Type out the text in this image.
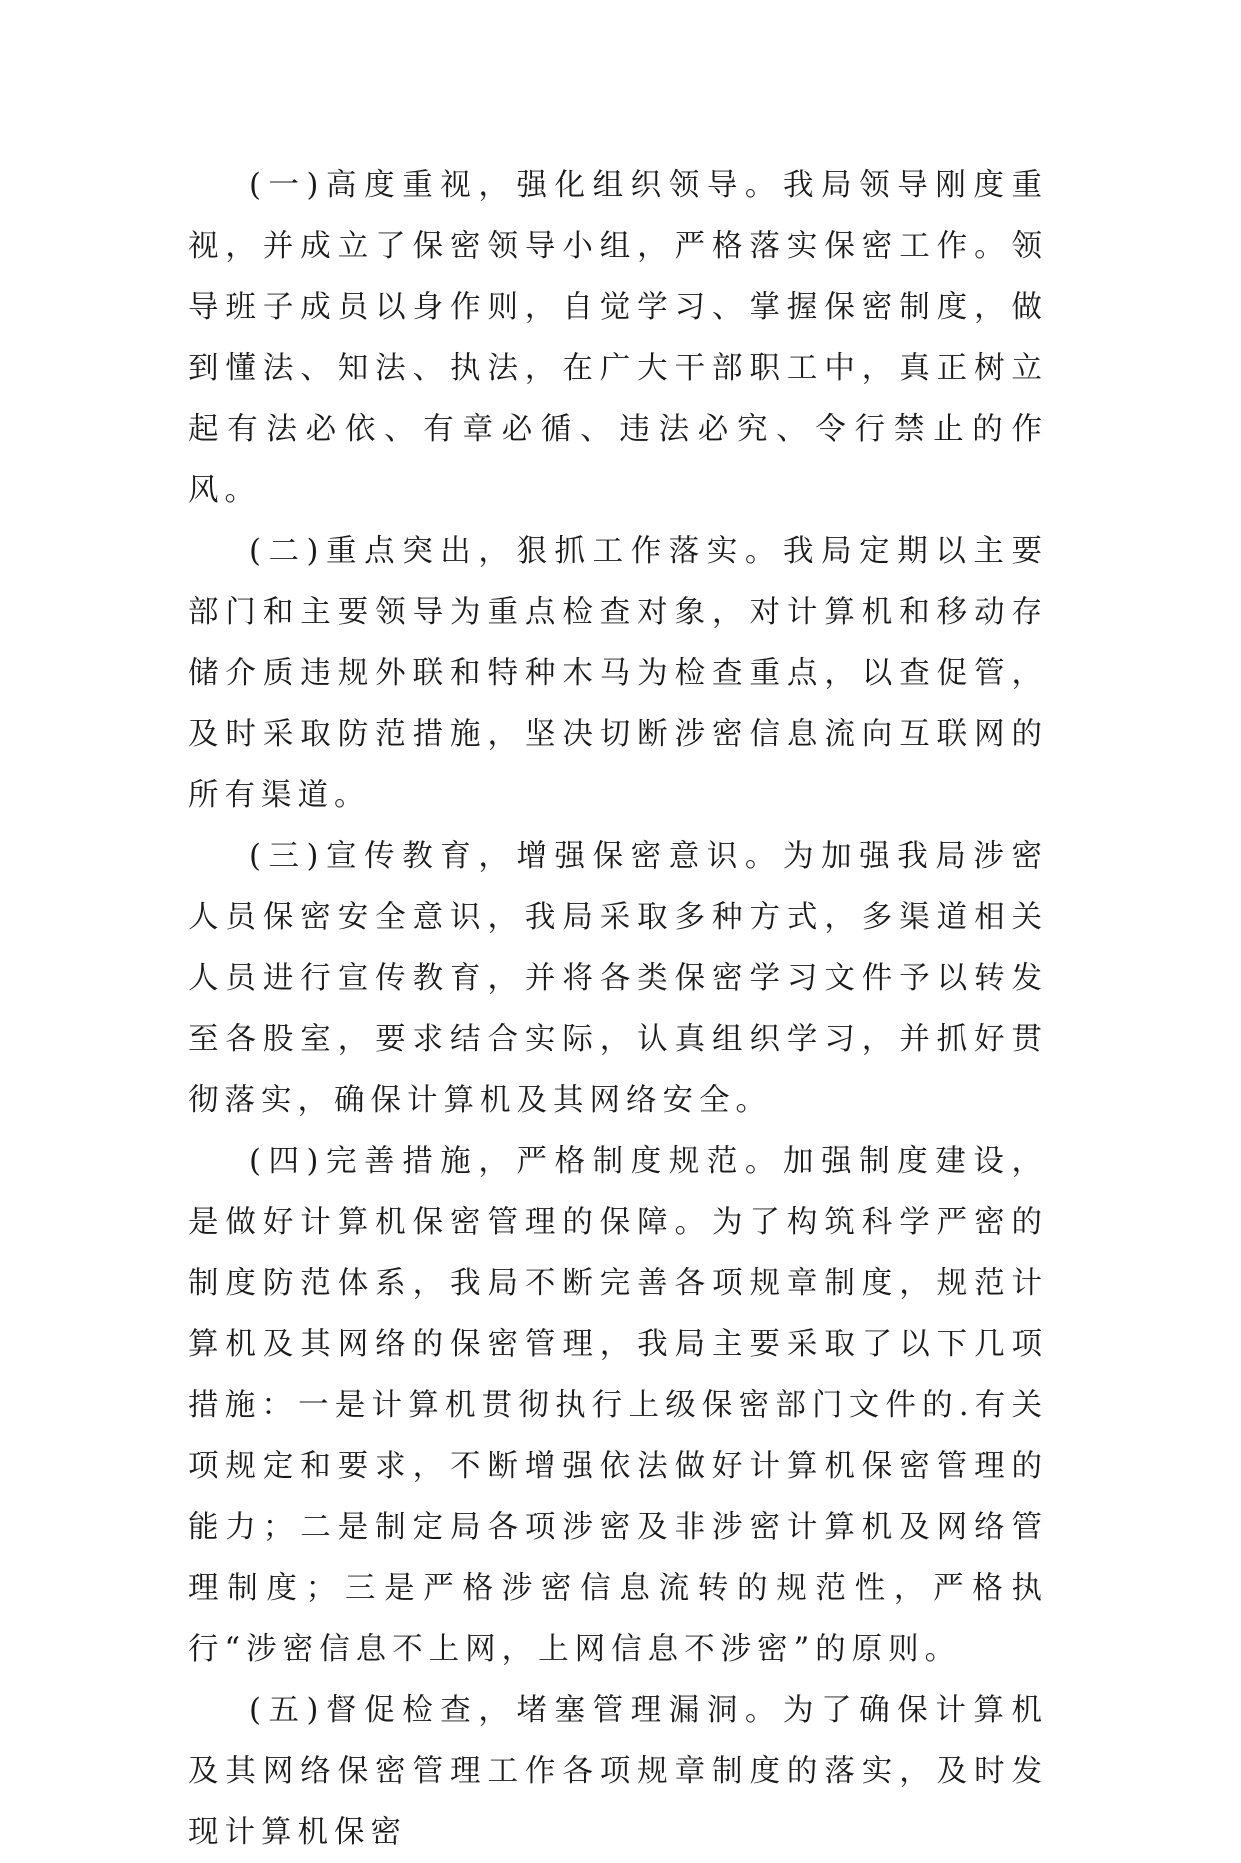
(一)高度重视，强化组织领导。我局领导刚度重视，并成立了保密领导小组，严格落实保密工作。领导班子成员以身作则，自觉学习、掌握保密制度，做到懂法、知法、执法，在广大干部职工中，真正树立起有法必依、有章必循、违法必究、令行禁止的作风。

(二)重点突出，狠抓工作落实。我局定期以主要部门和主要领导为重点检查对象，对计算机和移动存储介质违规外联和特种木马为检查重点，以查促管，及时采取防范措施，坚决切断涉密信息流向互联网的所有渠道。

(三)宣传教育，增强保密意识。为加强我局涉密人员保密安全意识，我局采取多种方式，多渠道相关人员进行宣传教育，并将各类保密学习文件予以转发至各股室，要求结合实际，认真组织学习，并抓好贯彻落实，确保计算机及其网络安全。

(四)完善措施，严格制度规范。加强制度建设，是做好计算机保密管理的保障。为了构筑科学严密的制度防范体系，我局不断完善各项规章制度，规范计算机及其网络的保密管理，我局主要采取了以下几项措施：一是计算机贯彻执行上级保密部门文件的.有关项规定和要求，不断增强依法做好计算机保密管理的能力；二是制定局各项涉密及非涉密计算机及网络管理制度；三是严格涉密信息流转的规范性，严格执行“涉密信息不上网，上网信息不涉密”的原则。

(五)督促检查，堵塞管理漏洞。为了确保计算机及其网络保密管理工作各项规章制度的落实，及时发现计算机保密
